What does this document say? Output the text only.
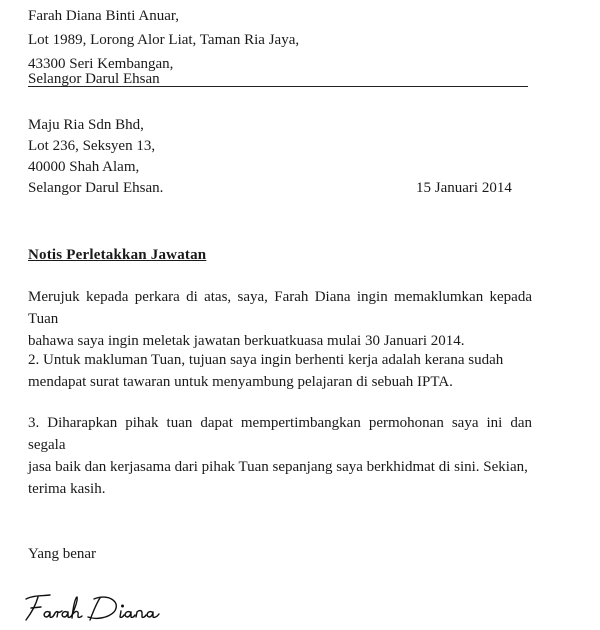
Farah Diana Binti Anuar,
Lot 1989, Lorong Alor Liat, Taman Ria Jaya,
43300 Seri Kembangan,
Selangor Darul Ehsan
Maju Ria Sdn Bhd,
Lot 236, Seksyen 13,
40000 Shah Alam,
Selangor Darul Ehsan.	15 Januari 2014
Notis Perletakkan Jawatan
Merujuk kepada perkara di atas, saya, Farah Diana ingin memaklumkan kepada Tuan
bahawa saya ingin meletak jawatan berkuatkuasa mulai 30 Januari 2014.
2. Untuk makluman Tuan, tujuan saya ingin berhenti kerja adalah kerana sudah
mendapat surat tawaran untuk menyambung pelajaran di sebuah IPTA.
3. Diharapkan pihak tuan dapat mempertimbangkan permohonan saya ini dan segala
jasa baik dan kerjasama dari pihak Tuan sepanjang saya berkhidmat di sini. Sekian,
terima kasih.
Yang benar
